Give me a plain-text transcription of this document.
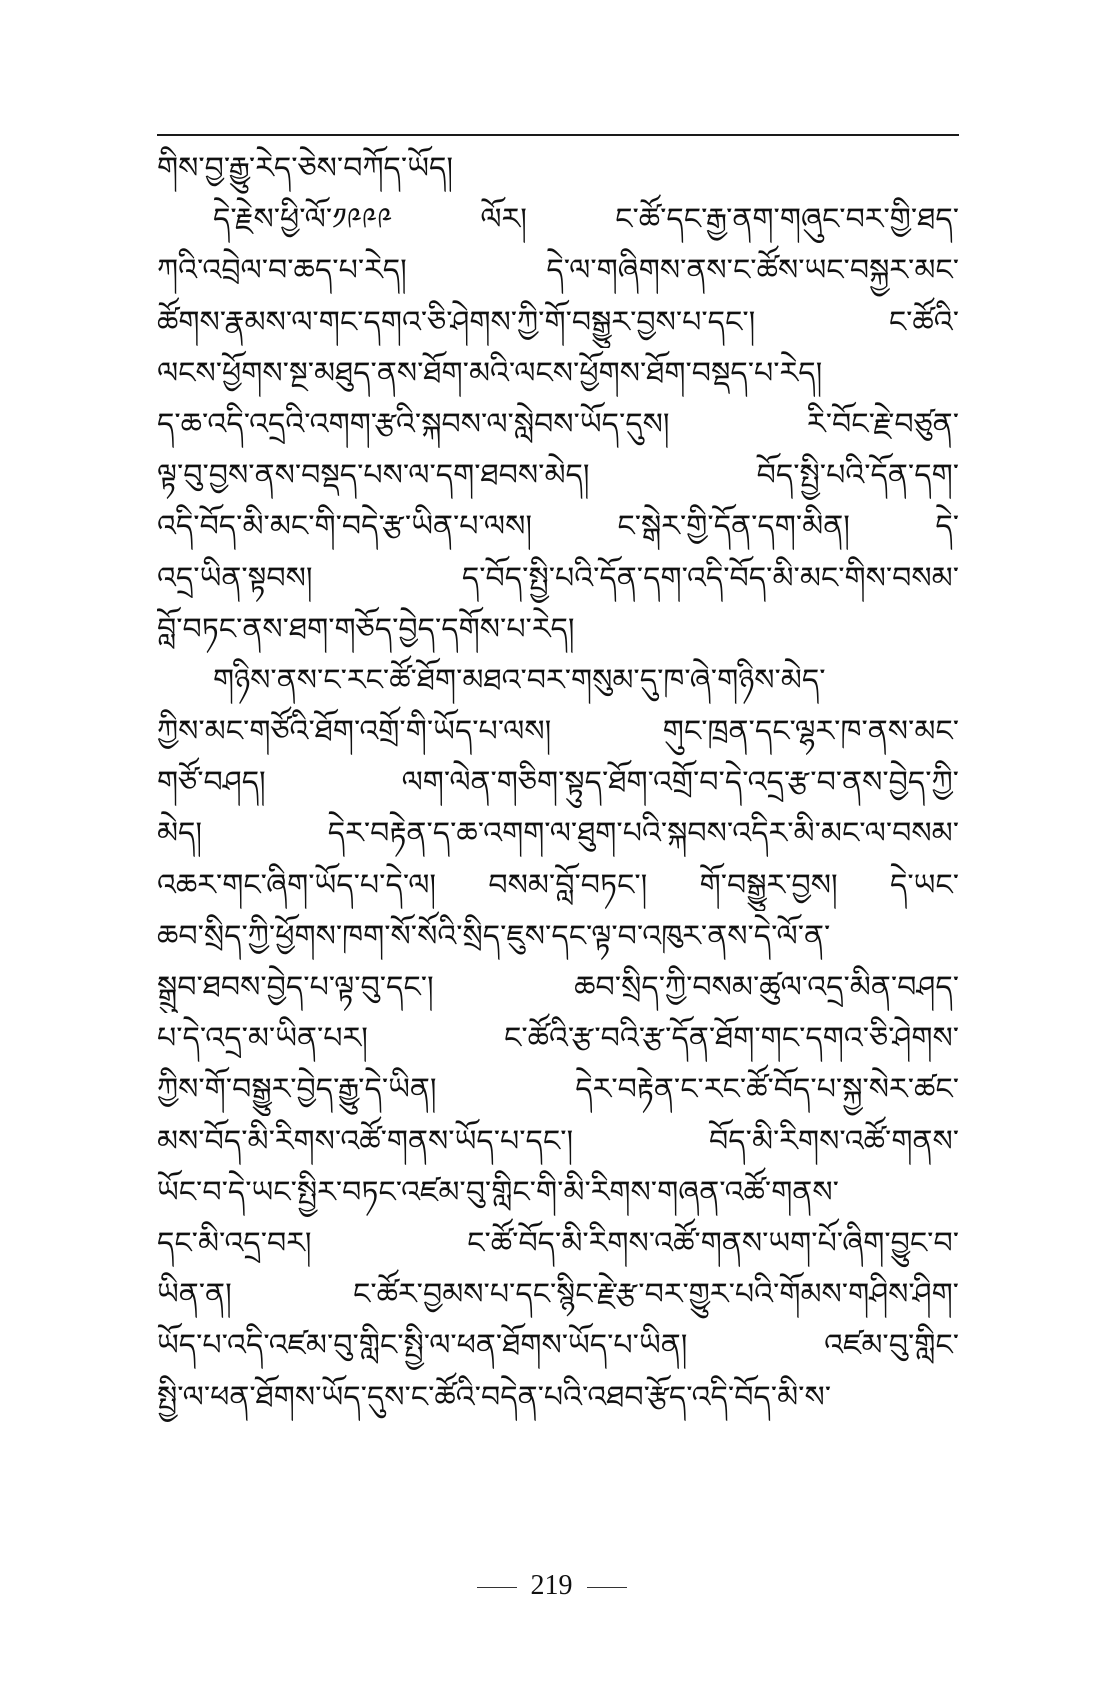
གིས་བྱ་རྒྱུ་རེད་ཅེས་བཀོད་ཡོད།
དེ་རྗེས་ཕྱི་ལོ་༡༩༩༩ ལོར། ང་ཚོ་དང་རྒྱ་ནག་གཞུང་བར་གྱི་ཐད་
ཀའི་འབྲེལ་བ་ཆད་པ་རེད། དེ་ལ་གཞིགས་ནས་ང་ཚོས་ཡང་བསྐྱར་མང་
ཚོགས་རྣམས་ལ་གང་དགའ་ཅི་ཤེགས་ཀྱི་གོ་བསྒྱུར་བྱས་པ་དང་། ང་ཚོའི་
ལངས་ཕྱོགས་སྔ་མཐུད་ནས་ཐོག་མའི་ལངས་ཕྱོགས་ཐོག་བསྡད་པ་རེད།
ད་ཆ་འདི་འདྲའི་འགག་རྩའི་སྐབས་ལ་སླེབས་ཡོད་དུས། རི་བོང་རྗེ་བཙུན་
ལྟ་བུ་བྱས་ནས་བསྡད་པས་ལ་དག་ཐབས་མེད། བོད་སྤྱི་པའི་དོན་དག་
འདི་བོད་མི་མང་གི་བདེ་རྩ་ཡིན་པ་ལས། ང་སྒེར་གྱི་དོན་དག་མིན། དེ་
འདྲ་ཡིན་སྟབས། ད་བོད་སྤྱི་པའི་དོན་དག་འདི་བོད་མི་མང་གིས་བསམ་
བློ་བཏང་ནས་ཐག་གཅོད་བྱེད་དགོས་པ་རེད།
གཉིས་ནས་ང་རང་ཚོ་ཐོག་མཐའ་བར་གསུམ་དུ་ཁ་ཞེ་གཉིས་མེད་
ཀྱིས་མང་གཙོའི་ཐོག་འགྲོ་གི་ཡོད་པ་ལས། གུང་ཁྲན་དང་ལྷར་ཁ་ནས་མང་
གཙོ་བཤད། ལག་ལེན་གཅིག་སྟུད་ཐོག་འགྲོ་བ་དེ་འདྲ་རྩ་བ་ནས་བྱེད་ཀྱི་
མེད། དེར་བརྟེན་ད་ཆ་འགག་ལ་ཐུག་པའི་སྐབས་འདིར་མི་མང་ལ་བསམ་
འཆར་གང་ཞིག་ཡོད་པ་དེ་ལ། བསམ་བློ་བཏང་། གོ་བསྒྱུར་བྱས། དེ་ཡང་
ཆབ་སྲིད་ཀྱི་ཕྱོགས་ཁག་སོ་སོའི་སྲིད་ཇུས་དང་ལྟ་བ་འཁུར་ནས་དེ་ལོ་ན་
སྒྲུབ་ཐབས་བྱེད་པ་ལྟ་བུ་དང་། ཆབ་སྲིད་ཀྱི་བསམ་ཚུལ་འདྲ་མིན་བཤད་
པ་དེ་འདྲ་མ་ཡིན་པར། ང་ཚོའི་རྩ་བའི་རྩ་དོན་ཐོག་གང་དགའ་ཅི་ཤེགས་
ཀྱིས་གོ་བསྒྱུར་བྱེད་རྒྱུ་དེ་ཡིན། དེར་བརྟེན་ང་རང་ཚོ་བོད་པ་སྐྱ་སེར་ཚང་
མས་བོད་མི་རིགས་འཚོ་གནས་ཡོད་པ་དང་། བོད་མི་རིགས་འཚོ་གནས་
ཡོང་བ་དེ་ཡང་སྤྱིར་བཏང་འཛམ་བུ་གླིང་གི་མི་རིགས་གཞན་འཚོ་གནས་
དང་མི་འདྲ་བར། ང་ཚོ་བོད་མི་རིགས་འཚོ་གནས་ཡག་པོ་ཞིག་བྱུང་བ་
ཡིན་ན། ང་ཚོར་བྱམས་པ་དང་སྙིང་རྗེ་རྩ་བར་གྱུར་པའི་གོམས་གཤིས་ཤིག་
ཡོད་པ་འདི་འཛམ་བུ་གླིང་སྤྱི་ལ་ཕན་ཐོགས་ཡོད་པ་ཡིན། འཛམ་བུ་གླིང་
སྤྱི་ལ་ཕན་ཐོགས་ཡོད་དུས་ང་ཚོའི་བདེན་པའི་འཐབ་རྩོད་འདི་བོད་མི་ས་
219
